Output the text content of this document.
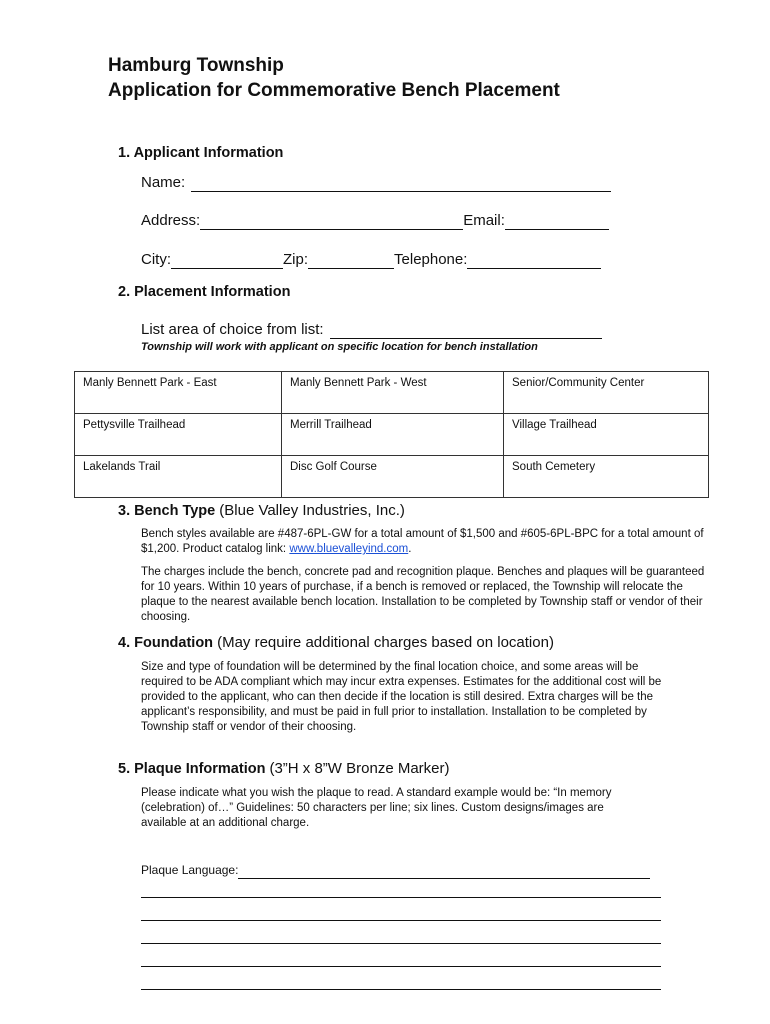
Hamburg Township
Application for Commemorative Bench Placement
1. Applicant Information
Name:
Address:	Email:
City:	Zip:	Telephone:
2. Placement Information
List area of choice from list:
Township will work with applicant on specific location for bench installation
Manly Bennett Park - East	Manly Bennett Park - West	Senior/Community Center
Pettysville Trailhead	Merrill Trailhead	Village Trailhead
Lakelands Trail	Disc Golf Course	South Cemetery
3. Bench Type (Blue Valley Industries, Inc.)
Bench styles available are #487-6PL-GW for a total amount of $1,500 and #605-6PL-BPC for a total amount of $1,200. Product catalog link: www.bluevalleyind.com.
The charges include the bench, concrete pad and recognition plaque. Benches and plaques will be guaranteed for 10 years. Within 10 years of purchase, if a bench is removed or replaced, the Township will relocate the plaque to the nearest available bench location. Installation to be completed by Township staff or vendor of their choosing.
4. Foundation (May require additional charges based on location)
Size and type of foundation will be determined by the final location choice, and some areas will be required to be ADA compliant which may incur extra expenses. Estimates for the additional cost will be provided to the applicant, who can then decide if the location is still desired. Extra charges will be the applicant’s responsibility, and must be paid in full prior to installation. Installation to be completed by Township staff or vendor of their choosing.
5. Plaque Information (3”H x 8”W Bronze Marker)
Please indicate what you wish the plaque to read. A standard example would be: “In memory (celebration) of…” Guidelines: 50 characters per line; six lines. Custom designs/images are available at an additional charge.
Plaque Language:
